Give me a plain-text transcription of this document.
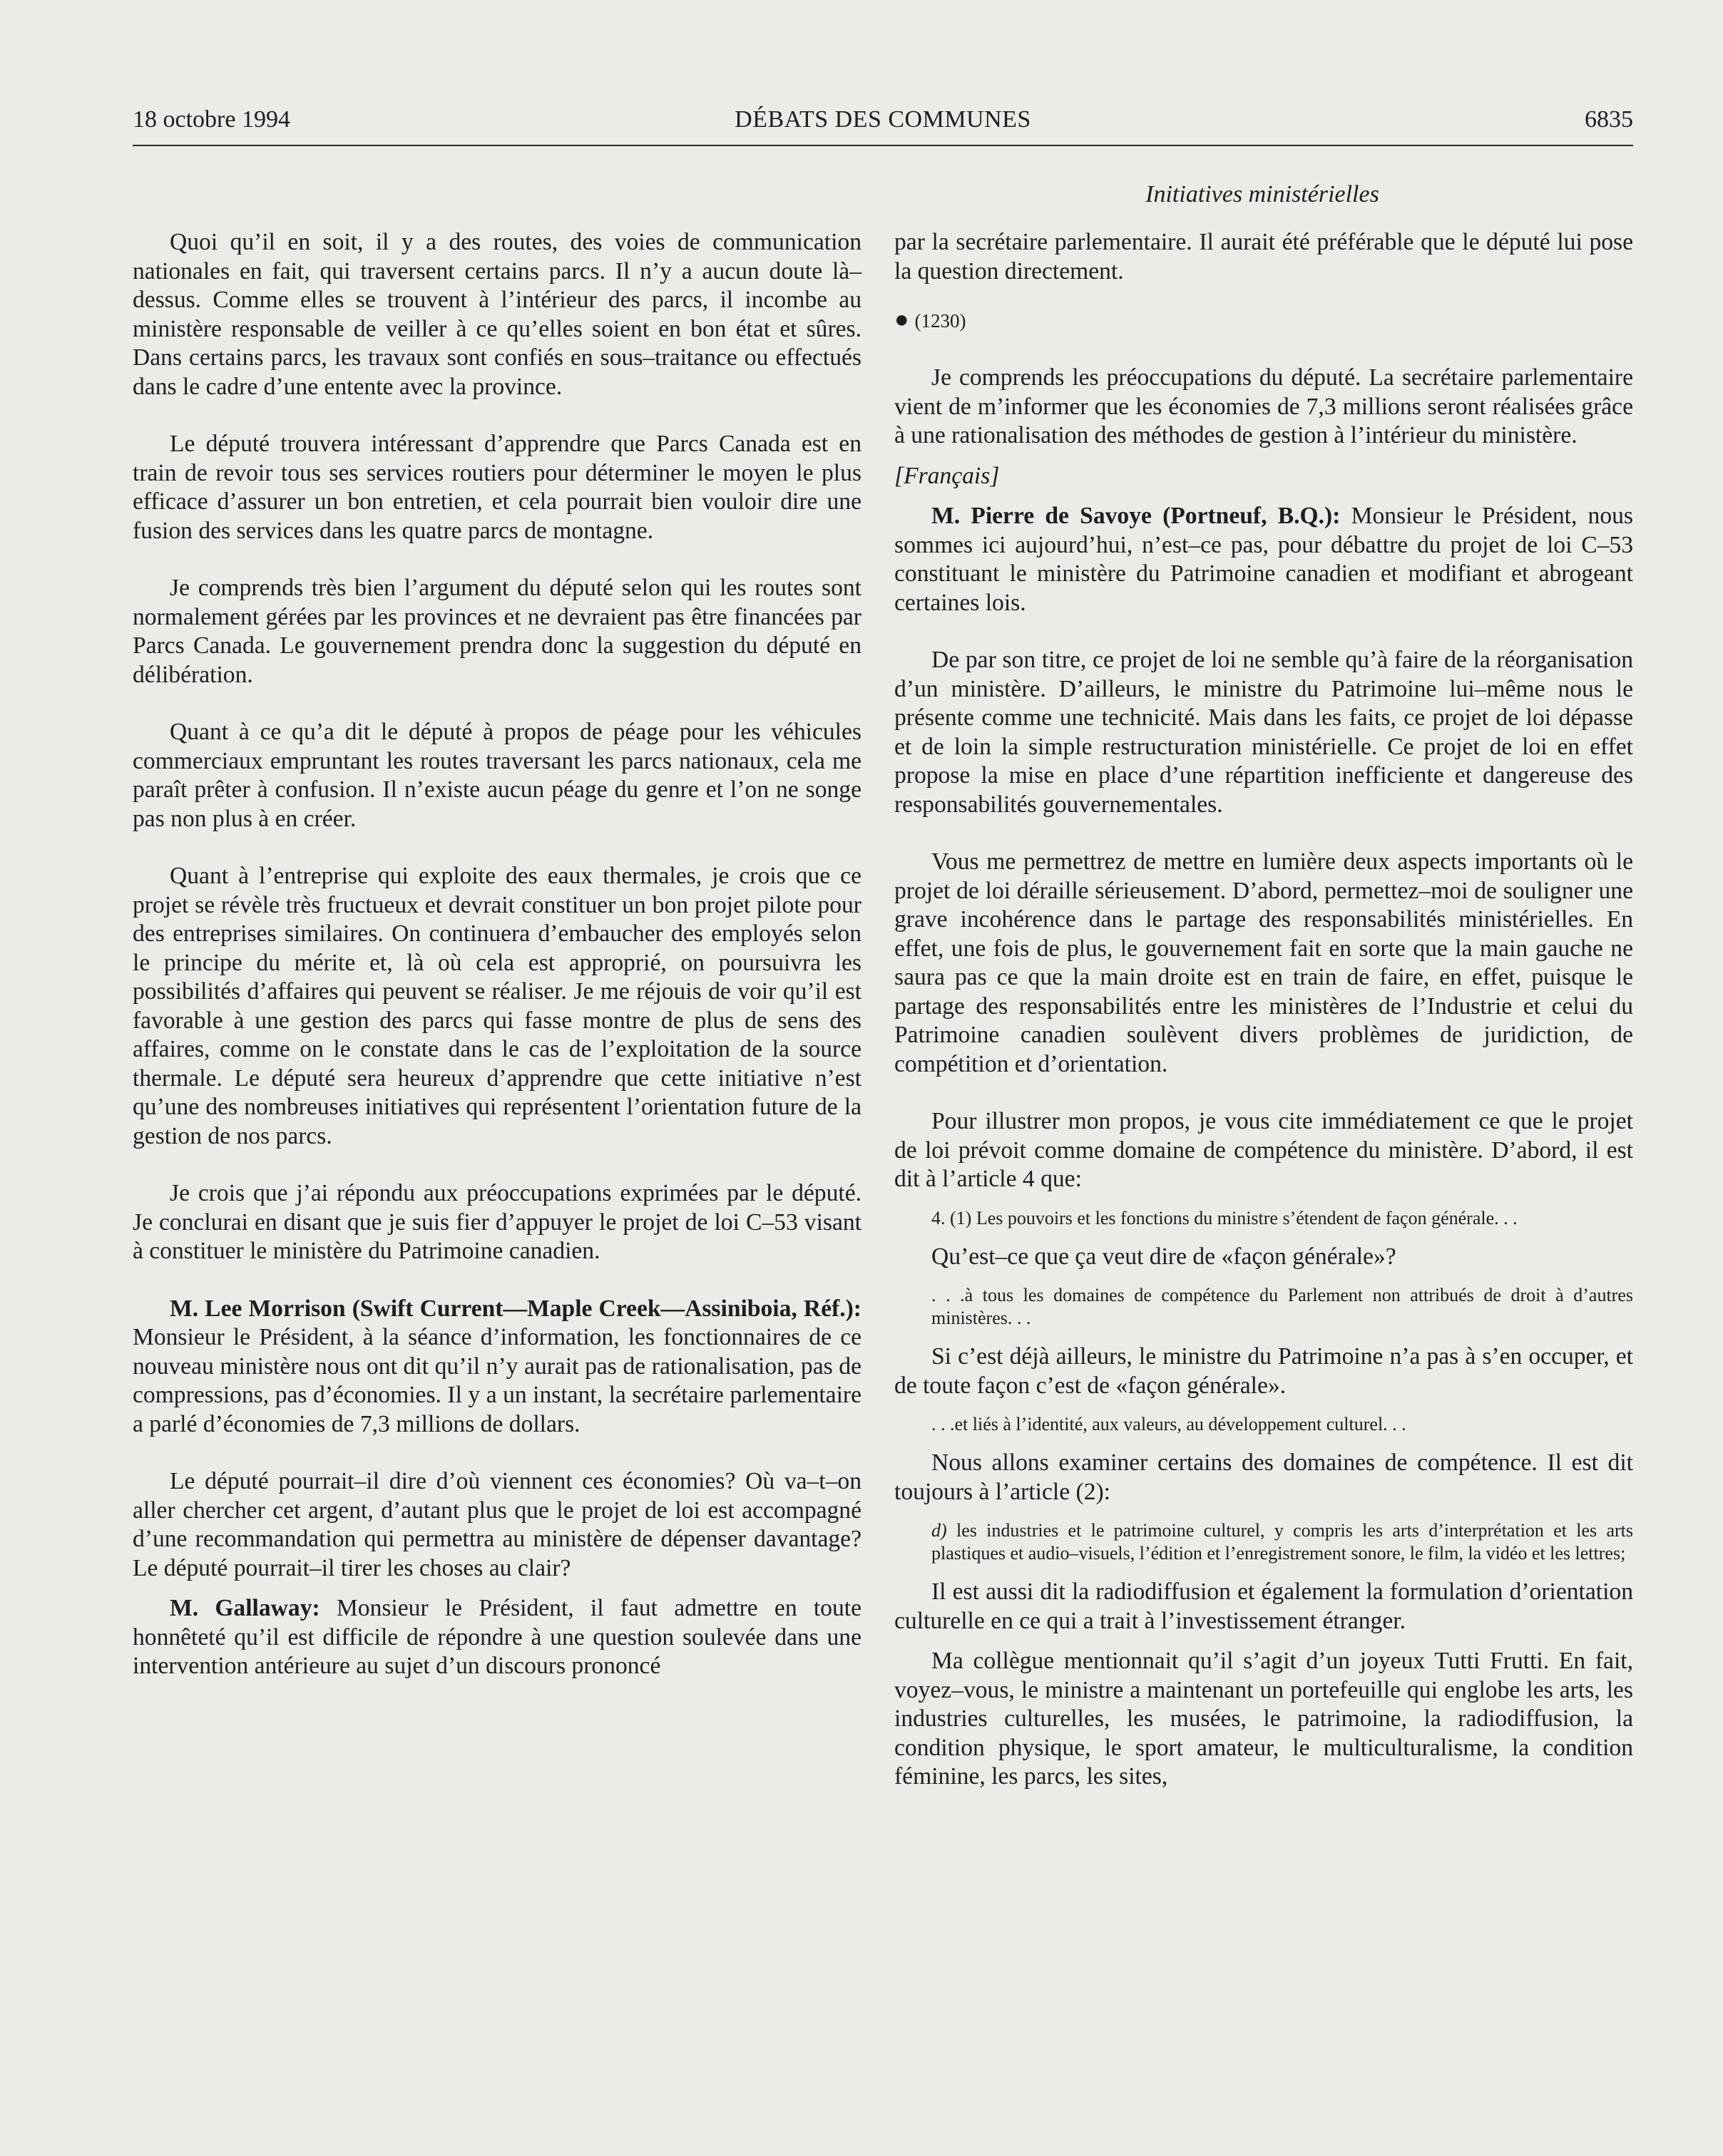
18 octobre 1994	DÉBATS DES COMMUNES	6835
Initiatives ministérielles

Quoi qu’il en soit, il y a des routes, des voies de communication nationales en fait, qui traversent certains parcs. Il n’y a aucun doute là–dessus. Comme elles se trouvent à l’intérieur des parcs, il incombe au ministère responsable de veiller à ce qu’elles soient en bon état et sûres. Dans certains parcs, les travaux sont confiés en sous–traitance ou effectués dans le cadre d’une entente avec la province.

Le député trouvera intéressant d’apprendre que Parcs Canada est en train de revoir tous ses services routiers pour déterminer le moyen le plus efficace d’assurer un bon entretien, et cela pourrait bien vouloir dire une fusion des services dans les quatre parcs de montagne.

Je comprends très bien l’argument du député selon qui les routes sont normalement gérées par les provinces et ne devraient pas être financées par Parcs Canada. Le gouvernement prendra donc la suggestion du député en délibération.

Quant à ce qu’a dit le député à propos de péage pour les véhicules commerciaux empruntant les routes traversant les parcs nationaux, cela me paraît prêter à confusion. Il n’existe aucun péage du genre et l’on ne songe pas non plus à en créer.

Quant à l’entreprise qui exploite des eaux thermales, je crois que ce projet se révèle très fructueux et devrait constituer un bon projet pilote pour des entreprises similaires. On continuera d’embaucher des employés selon le principe du mérite et, là où cela est approprié, on poursuivra les possibilités d’affaires qui peuvent se réaliser. Je me réjouis de voir qu’il est favorable à une gestion des parcs qui fasse montre de plus de sens des affaires, comme on le constate dans le cas de l’exploitation de la source thermale. Le député sera heureux d’apprendre que cette initiative n’est qu’une des nombreuses initiatives qui représentent l’orientation future de la gestion de nos parcs.

Je crois que j’ai répondu aux préoccupations exprimées par le député. Je conclurai en disant que je suis fier d’appuyer le projet de loi C–53 visant à constituer le ministère du Patrimoine canadien.

M. Lee Morrison (Swift Current—Maple Creek—Assiniboia, Réf.): Monsieur le Président, à la séance d’information, les fonctionnaires de ce nouveau ministère nous ont dit qu’il n’y aurait pas de rationalisation, pas de compressions, pas d’économies. Il y a un instant, la secrétaire parlementaire a parlé d’économies de 7,3 millions de dollars.

Le député pourrait–il dire d’où viennent ces économies? Où va–t–on aller chercher cet argent, d’autant plus que le projet de loi est accompagné d’une recommandation qui permettra au ministère de dépenser davantage? Le député pourrait–il tirer les choses au clair?

M. Gallaway: Monsieur le Président, il faut admettre en toute honnêteté qu’il est difficile de répondre à une question soulevée dans une intervention antérieure au sujet d’un discours prononcé

par la secrétaire parlementaire. Il aurait été préférable que le député lui pose la question directement.

● (1230)

Je comprends les préoccupations du député. La secrétaire parlementaire vient de m’informer que les économies de 7,3 millions seront réalisées grâce à une rationalisation des méthodes de gestion à l’intérieur du ministère.

[Français]

M. Pierre de Savoye (Portneuf, B.Q.): Monsieur le Président, nous sommes ici aujourd’hui, n’est–ce pas, pour débattre du projet de loi C–53 constituant le ministère du Patrimoine canadien et modifiant et abrogeant certaines lois.

De par son titre, ce projet de loi ne semble qu’à faire de la réorganisation d’un ministère. D’ailleurs, le ministre du Patrimoine lui–même nous le présente comme une technicité. Mais dans les faits, ce projet de loi dépasse et de loin la simple restructuration ministérielle. Ce projet de loi en effet propose la mise en place d’une répartition inefficiente et dangereuse des responsabilités gouvernementales.

Vous me permettrez de mettre en lumière deux aspects importants où le projet de loi déraille sérieusement. D’abord, permettez–moi de souligner une grave incohérence dans le partage des responsabilités ministérielles. En effet, une fois de plus, le gouvernement fait en sorte que la main gauche ne saura pas ce que la main droite est en train de faire, en effet, puisque le partage des responsabilités entre les ministères de l’Industrie et celui du Patrimoine canadien soulèvent divers problèmes de juridiction, de compétition et d’orientation.

Pour illustrer mon propos, je vous cite immédiatement ce que le projet de loi prévoit comme domaine de compétence du ministère. D’abord, il est dit à l’article 4 que:

4. (1) Les pouvoirs et les fonctions du ministre s’étendent de façon générale. . .

Qu’est–ce que ça veut dire de «façon générale»?

. . .à tous les domaines de compétence du Parlement non attribués de droit à d’autres ministères. . .

Si c’est déjà ailleurs, le ministre du Patrimoine n’a pas à s’en occuper, et de toute façon c’est de «façon générale».

. . .et liés à l’identité, aux valeurs, au développement culturel. . .

Nous allons examiner certains des domaines de compétence. Il est dit toujours à l’article (2):

d) les industries et le patrimoine culturel, y compris les arts d’interprétation et les arts plastiques et audio–visuels, l’édition et l’enregistrement sonore, le film, la vidéo et les lettres;

Il est aussi dit la radiodiffusion et également la formulation d’orientation culturelle en ce qui a trait à l’investissement étranger.

Ma collègue mentionnait qu’il s’agit d’un joyeux Tutti Frutti. En fait, voyez–vous, le ministre a maintenant un portefeuille qui englobe les arts, les industries culturelles, les musées, le patrimoine, la radiodiffusion, la condition physique, le sport amateur, le multiculturalisme, la condition féminine, les parcs, les sites,
